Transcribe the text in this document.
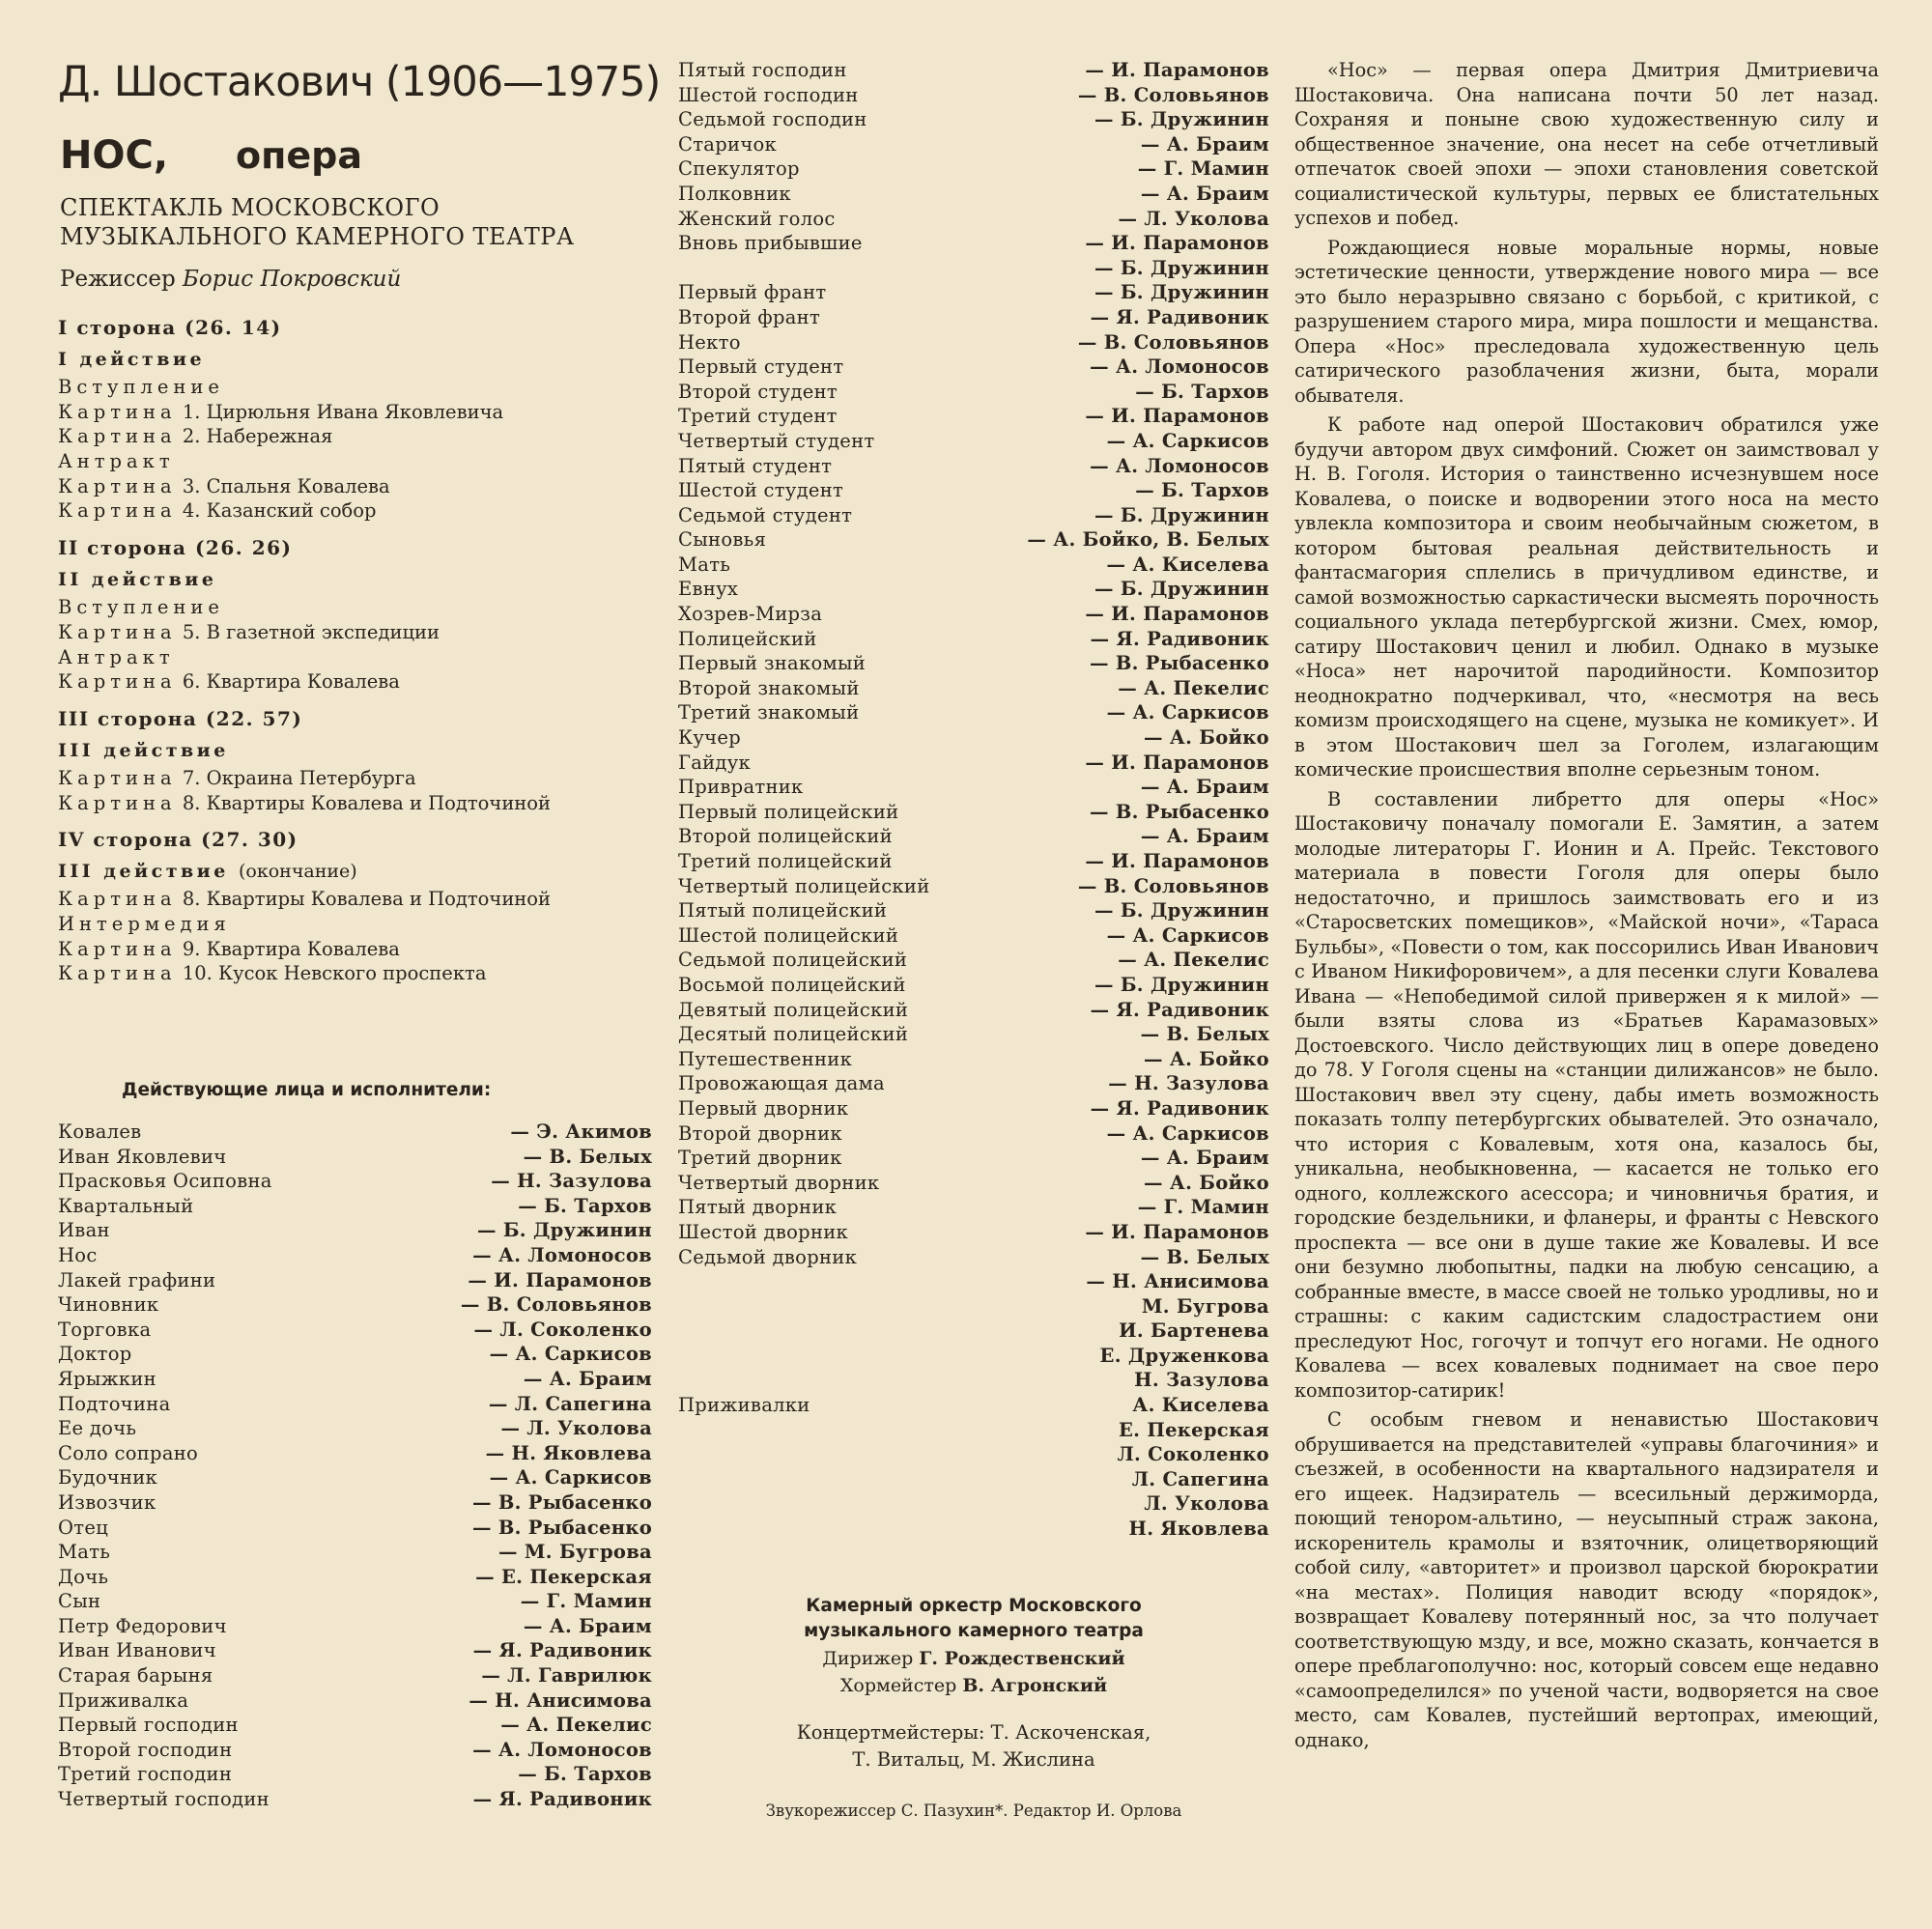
Д. Шостакович (1906—1975)
НОС, опера
СПЕКТАКЛЬ МОСКОВСКОГО
МУЗЫКАЛЬНОГО КАМЕРНОГО ТЕАТРА
Режиссер Борис Покровский
I сторона (26. 14)
I действие
Вступление
Картина 1. Цирюльня Ивана Яковлевича
Картина 2. Набережная
Антракт
Картина 3. Спальня Ковалева
Картина 4. Казанский собор
II сторона (26. 26)
II действие
Вступление
Картина 5. В газетной экспедиции
Антракт
Картина 6. Квартира Ковалева
III сторона (22. 57)
III действие
Картина 7. Окраина Петербурга
Картина 8. Квартиры Ковалева и Подточиной
IV сторона (27. 30)
III действие (окончание)
Картина 8. Квартиры Ковалева и Подточиной
Интермедия
Картина 9. Квартира Ковалева
Картина 10. Кусок Невского проспекта
Действующие лица и исполнители:
Ковалев	— Э. Акимов
Иван Яковлевич	— В. Белых
Прасковья Осиповна	— Н. Зазулова
Квартальный	— Б. Тархов
Иван	— Б. Дружинин
Нос	— А. Ломоносов
Лакей графини	— И. Парамонов
Чиновник	— В. Соловьянов
Торговка	— Л. Соколенко
Доктор	— А. Саркисов
Ярыжкин	— А. Браим
Подточина	— Л. Сапегина
Ее дочь	— Л. Уколова
Соло сопрано	— Н. Яковлева
Будочник	— А. Саркисов
Извозчик	— В. Рыбасенко
Отец	— В. Рыбасенко
Мать	— М. Бугрова
Дочь	— Е. Пекерская
Сын	— Г. Мамин
Петр Федорович	— А. Браим
Иван Иванович	— Я. Радивоник
Старая барыня	— Л. Гаврилюк
Приживалка	— Н. Анисимова
Первый господин	— А. Пекелис
Второй господин	— А. Ломоносов
Третий господин	— Б. Тархов
Четвертый господин	— Я. Радивоник
Пятый господин	— И. Парамонов
Шестой господин	— В. Соловьянов
Седьмой господин	— Б. Дружинин
Старичок	— А. Браим
Спекулятор	— Г. Мамин
Полковник	— А. Браим
Женский голос	— Л. Уколова
Вновь прибывшие	— И. Парамонов
— Б. Дружинин
Первый франт	— Б. Дружинин
Второй франт	— Я. Радивоник
Некто	— В. Соловьянов
Первый студент	— А. Ломоносов
Второй студент	— Б. Тархов
Третий студент	— И. Парамонов
Четвертый студент	— А. Саркисов
Пятый студент	— А. Ломоносов
Шестой студент	— Б. Тархов
Седьмой студент	— Б. Дружинин
Сыновья	— А. Бойко, В. Белых
Мать	— А. Киселева
Евнух	— Б. Дружинин
Хозрев-Мирза	— И. Парамонов
Полицейский	— Я. Радивоник
Первый знакомый	— В. Рыбасенко
Второй знакомый	— А. Пекелис
Третий знакомый	— А. Саркисов
Кучер	— А. Бойко
Гайдук	— И. Парамонов
Привратник	— А. Браим
Первый полицейский	— В. Рыбасенко
Второй полицейский	— А. Браим
Третий полицейский	— И. Парамонов
Четвертый полицейский	— В. Соловьянов
Пятый полицейский	— Б. Дружинин
Шестой полицейский	— А. Саркисов
Седьмой полицейский	— А. Пекелис
Восьмой полицейский	— Б. Дружинин
Девятый полицейский	— Я. Радивоник
Десятый полицейский	— В. Белых
Путешественник	— А. Бойко
Провожающая дама	— Н. Зазулова
Первый дворник	— Я. Радивоник
Второй дворник	— А. Саркисов
Третий дворник	— А. Браим
Четвертый дворник	— А. Бойко
Пятый дворник	— Г. Мамин
Шестой дворник	— И. Парамонов
Седьмой дворник	— В. Белых
— Н. Анисимова
М. Бугрова
И. Бартенева
Е. Друженкова
Н. Зазулова
Приживалки	А. Киселева
Е. Пекерская
Л. Соколенко
Л. Сапегина
Л. Уколова
Н. Яковлева
Камерный оркестр Московского
музыкального камерного театра
Дирижер Г. Рождественский
Хормейстер В. Агронский
Концертмейстеры: Т. Аскоченская,
Т. Витальц, М. Жислина
Звукорежиссер С. Пазухин*. Редактор И. Орлова

«Нос» — первая опера Дмитрия Дмитриевича Шостаковича. Она написана почти 50 лет назад. Сохраняя и поныне свою художественную силу и общественное значение, она несет на себе отчетливый отпечаток своей эпохи — эпохи становления советской социалистической культуры, первых ее блистательных успехов и побед.

Рождающиеся новые моральные нормы, новые эстетические ценности, утверждение нового мира — все это было неразрывно связано с борьбой, с критикой, с разрушением старого мира, мира пошлости и мещанства. Опера «Нос» преследовала художественную цель сатирического разоблачения жизни, быта, морали обывателя.

К работе над оперой Шостакович обратился уже будучи автором двух симфоний. Сюжет он заимствовал у Н. В. Гоголя. История о таинственно исчезнувшем носе Ковалева, о поиске и водворении этого носа на место увлекла композитора и своим необычайным сюжетом, в котором бытовая реальная действительность и фантасмагория сплелись в причудливом единстве, и самой возможностью саркастически высмеять порочность социального уклада петербургской жизни. Смех, юмор, сатиру Шостакович ценил и любил. Однако в музыке «Носа» нет нарочитой пародийности. Композитор неоднократно подчеркивал, что, «несмотря на весь комизм происходящего на сцене, музыка не комикует». И в этом Шостакович шел за Гоголем, излагающим комические происшествия вполне серьезным тоном.

В составлении либретто для оперы «Нос» Шостаковичу поначалу помогали Е. Замятин, а затем молодые литераторы Г. Ионин и А. Прейс. Текстового материала в повести Гоголя для оперы было недостаточно, и пришлось заимствовать его и из «Старосветских помещиков», «Майской ночи», «Тараса Бульбы», «Повести о том, как поссорились Иван Иванович с Иваном Никифоровичем», а для песенки слуги Ковалева Ивана — «Непобедимой силой привержен я к милой» — были взяты слова из «Братьев Карамазовых» Достоевского. Число действующих лиц в опере доведено до 78. У Гоголя сцены на «станции дилижансов» не было. Шостакович ввел эту сцену, дабы иметь возможность показать толпу петербургских обывателей. Это означало, что история с Ковалевым, хотя она, казалось бы, уникальна, необыкновенна, — касается не только его одного, коллежского асессора; и чиновничья братия, и городские бездельники, и фланеры, и франты с Невского проспекта — все они в душе такие же Ковалевы. И все они безумно любопытны, падки на любую сенсацию, а собранные вместе, в массе своей не только уродливы, но и страшны: с каким садистским сладострастием они преследуют Нос, гогочут и топчут его ногами. Не одного Ковалева — всех ковалевых поднимает на свое перо композитор-сатирик!

С особым гневом и ненавистью Шостакович обрушивается на представителей «управы благочиния» и съезжей, в особенности на квартального надзирателя и его ищеек. Надзиратель — всесильный держиморда, поющий тенором-альтино, — неусыпный страж закона, искоренитель крамолы и взяточник, олицетворяющий собой силу, «авторитет» и произвол царской бюрократии «на местах». Полиция наводит всюду «порядок», возвращает Ковалеву потерянный нос, за что получает соответствующую мзду, и все, можно сказать, кончается в опере преблагополучно: нос, который совсем еще недавно «самоопределился» по ученой части, водворяется на свое место, сам Ковалев, пустейший вертопрах, имеющий, однако,
